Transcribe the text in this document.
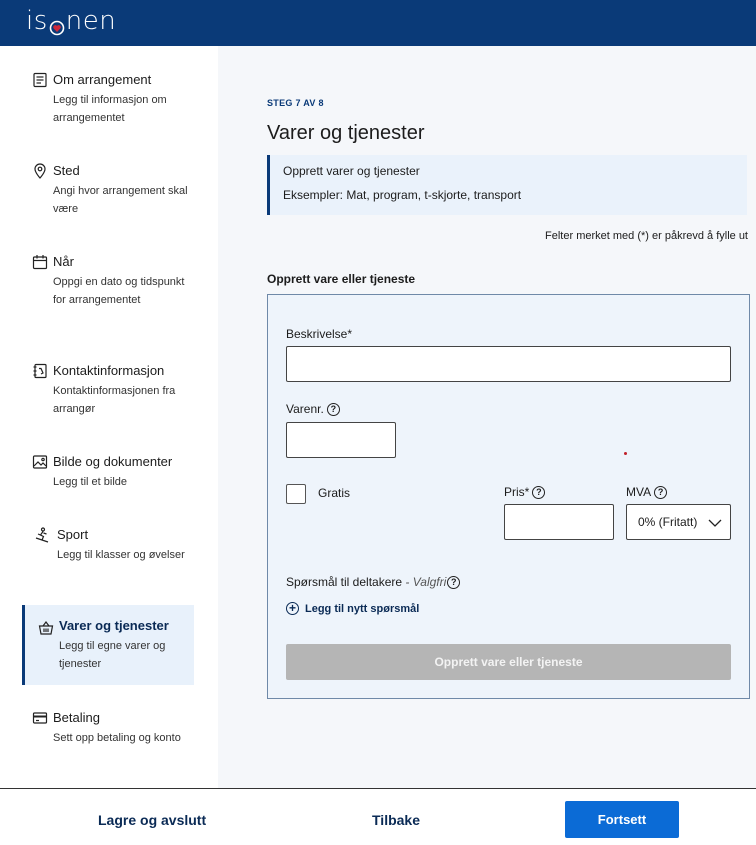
is nen
Om arrangement
Legg til informasjon om arrangementet
Sted
Angi hvor arrangement skal være
Når
Oppgi en dato og tidspunkt for arrangementet
Kontaktinformasjon
Kontaktinformasjonen fra arrangør
Bilde og dokumenter
Legg til et bilde
Sport
Legg til klasser og øvelser
Varer og tjenester
Legg til egne varer og tjenester
Betaling
Sett opp betaling og konto
STEG 7 AV 8
Varer og tjenester
Opprett varer og tjenester
Eksempler: Mat, program, t-skjorte, transport
Felter merket med (*) er påkrevd å fylle ut
Opprett vare eller tjeneste
Beskrivelse*
Varenr. ?
Gratis	Pris* ?	MVA ?
0% (Fritatt)
Spørsmål til deltakere - Valgfri ?
+ Legg til nytt spørsmål
Opprett vare eller tjeneste
Lagre og avslutt	Tilbake	Fortsett
